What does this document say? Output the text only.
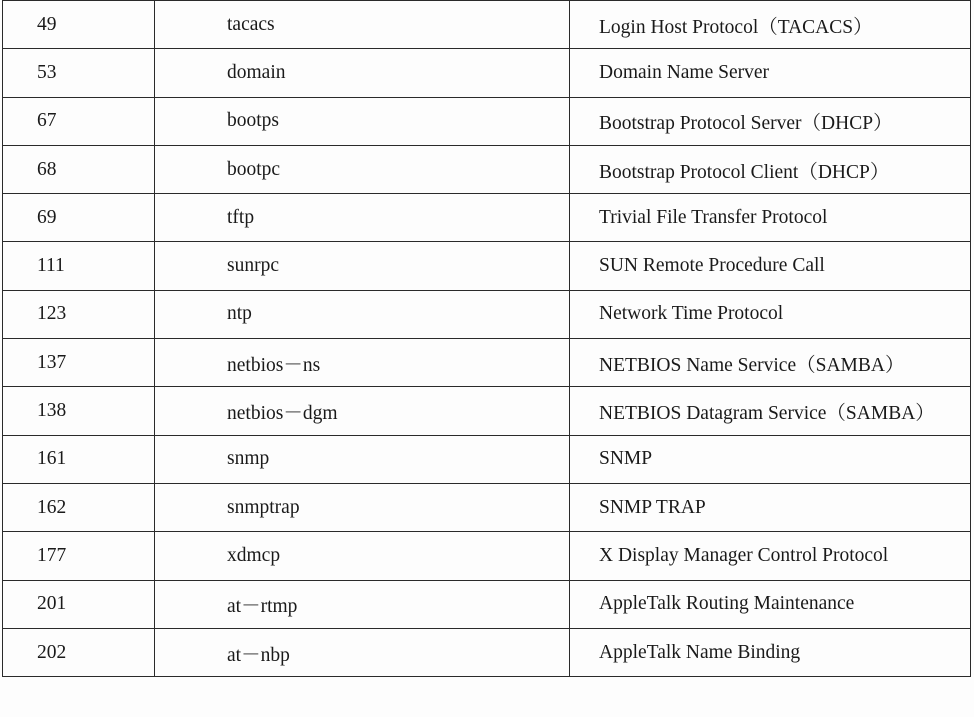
49	tacacs	Login Host Protocol（TACACS）
53	domain	Domain Name Server
67	bootps	Bootstrap Protocol Server（DHCP）
68	bootpc	Bootstrap Protocol Client（DHCP）
69	tftp	Trivial File Transfer Protocol
111	sunrpc	SUN Remote Procedure Call
123	ntp	Network Time Protocol
137	netbios－ns	NETBIOS Name Service（SAMBA）
138	netbios－dgm	NETBIOS Datagram Service（SAMBA）
161	snmp	SNMP
162	snmptrap	SNMP TRAP
177	xdmcp	X Display Manager Control Protocol
201	at－rtmp	AppleTalk Routing Maintenance
202	at－nbp	AppleTalk Name Binding
